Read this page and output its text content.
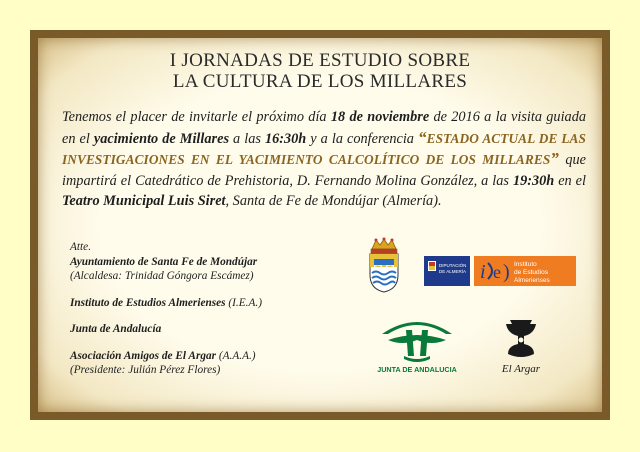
I JORNADAS DE ESTUDIO SOBRE
LA CULTURA DE LOS MILLARES
Tenemos el placer de invitarle el próximo día 18 de noviembre de 2016 a la visita guiada en el yacimiento de Millares a las 16:30h y a la conferencia “ESTADO ACTUAL DE LAS INVESTIGACIONES EN EL YACIMIENTO CALCOLÍTICO DE LOS MILLARES” que impartirá el Catedrático de Prehistoria, D. Fernando Molina González, a las 19:30h en el Teatro Municipal Luis Siret, Santa de Fe de Mondújar (Almería).
Atte.
Ayuntamiento de Santa Fe de Mondújar
(Alcaldesa: Trinidad Góngora Escámez)
Instituto de Estudios Almerienses (I.E.A.)
Junta de Andalucía
Asociación Amigos de El Argar (A.A.A.)
(Presidente: Julián Pérez Flores)
DIPUTACIÓN
DE ALMERÍA i e ) Instituto
de Estudios
Almerienses
JUNTA DE ANDALUCIA	El Argar
